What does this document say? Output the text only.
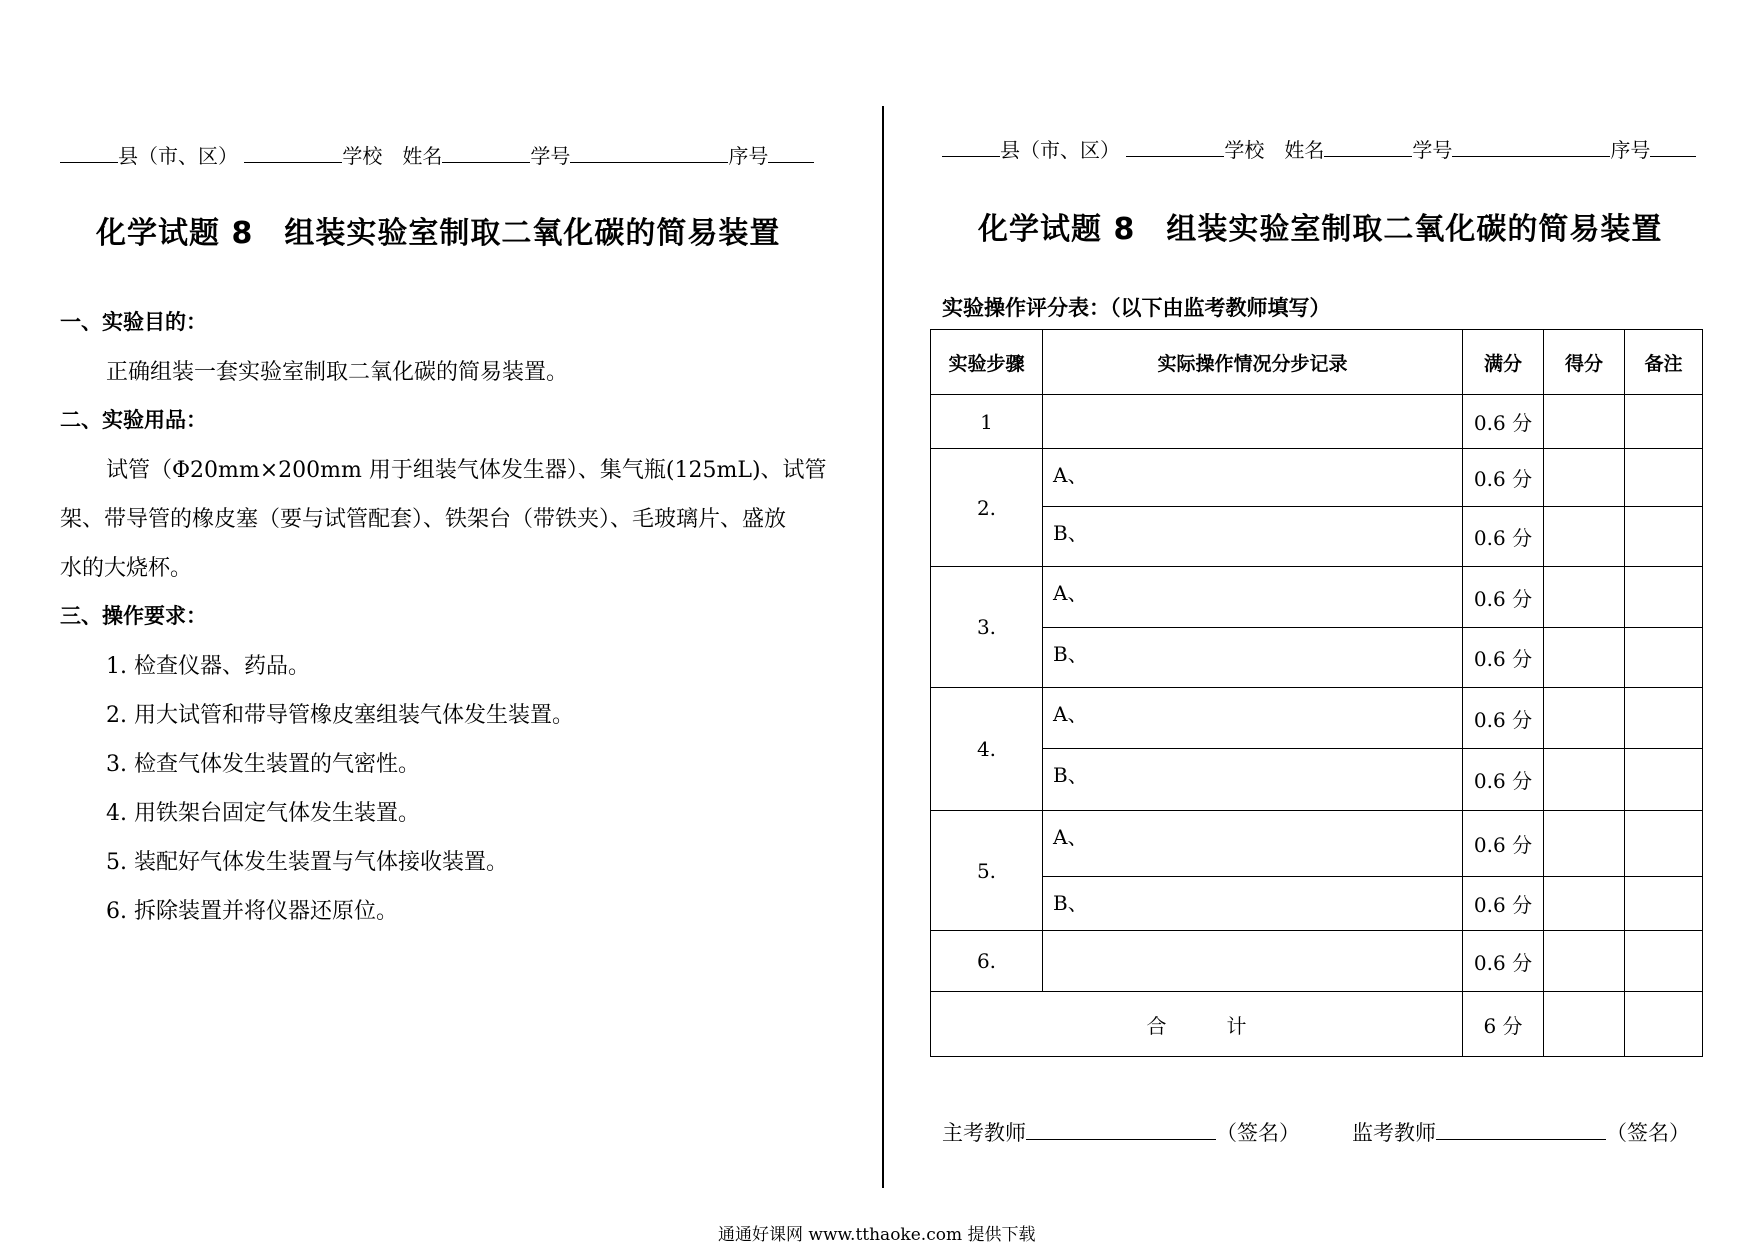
县（市、区）	学校　 姓名	学号	序号
化学试题 8　组装实验室制取二氧化碳的简易装置
一、实验目的：
正确组装一套实验室制取二氧化碳的简易装置。
二、实验用品：
试管（Φ20mm×200mm 用于组装气体发生器）、集气瓶(125mL)、试管
架、带导管的橡皮塞（要与试管配套）、铁架台（带铁夹）、毛玻璃片、盛放
水的大烧杯。
三、操作要求：
1. 检查仪器、药品。
2. 用大试管和带导管橡皮塞组装气体发生装置。
3. 检查气体发生装置的气密性。
4. 用铁架台固定气体发生装置。
5. 装配好气体发生装置与气体接收装置。
6. 拆除装置并将仪器还原位。
县（市、区）	学校　 姓名	学号	序号
化学试题 8　组装实验室制取二氧化碳的简易装置
实验操作评分表：（以下由监考教师填写）
实验步骤	实际操作情况分步记录	满分	得分	备注
1		0.6 分		
2.	A、	0.6 分		
	B、	0.6 分		
3.	A、	0.6 分		
	B、	0.6 分		
4.	A、	0.6 分		
	B、	0.6 分		
5.	A、	0.6 分		
	B、	0.6 分		
6.		0.6 分		
合　　　计		6 分		
主考教师	（签名） 监考教师	（签名）
通通好课网 www.tthaoke.com 提供下载
